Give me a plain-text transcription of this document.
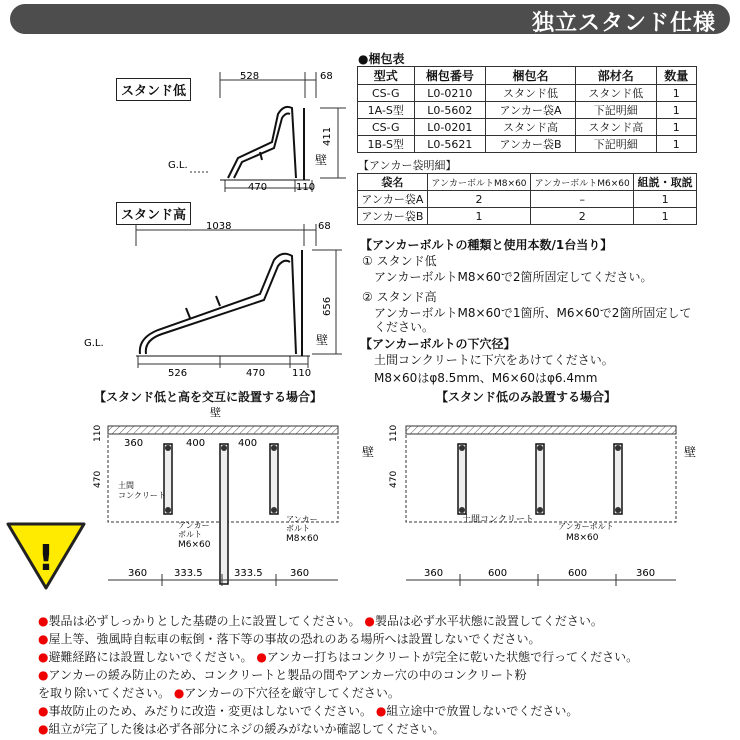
独立スタンド仕様
スタンド低
528	68
411
470	110
G.L.	壁
スタンド高
1038	68
656
526	470	110
G.L.	壁
●梱包表
型式	梱包番号	梱包名	部材名	数量
CS-G	L0-0210	スタンド低	スタンド低	1
1A-S型	L0-5602	アンカー袋A	下記明細	1
CS-G	L0-0201	スタンド高	スタンド高	1
1B-S型	L0-5621	アンカー袋B	下記明細	1
【アンカー袋明細】
袋名	アンカーボルトM8×60	アンカーボルトM6×60	組説・取説
アンカー袋A	2	–	1
アンカー袋B	1	2	1
【アンカーボルトの種類と使用本数/1台当り】
① スタンド低
アンカーボルトM8×60で2箇所固定してください。
② スタンド高
アンカーボルトM8×60で1箇所、M6×60で2箇所固定して
ください。
【アンカーボルトの下穴径】
土間コンクリートに下穴をあけてください。
M8×60はφ8.5mm、M6×60はφ6.4mm
【スタンド低と高を交互に設置する場合】
壁
360	400	400
110
470 土間
コンクリート
アンカー
ボルト
M6×60
アンカー
ボルト
M8×60
360	333.5	333.5	360
【スタンド低のみ設置する場合】
壁	壁
110
470
土間コンクリート
アンカーボルト
M8×60
360	600	600	360
!
●製品は必ずしっかりとした基礎の上に設置してください。 ●製品は必ず水平状態に設置してください。
●屋上等、強風時自転車の転倒・落下等の事故の恐れのある場所へは設置しないでください。
●避難経路には設置しないでください。 ●アンカー打ちはコンクリートが完全に乾いた状態で行ってください。
●アンカーの緩み防止のため、コンクリートと製品の間やアンカー穴の中のコンクリート粉
を取り除いてください。 ●アンカーの下穴径を厳守してください。
●事故防止のため、みだりに改造・変更はしないでください。 ●組立途中で放置しないでください。
●組立が完了した後は必ず各部分にネジの緩みがないか確認してください。
